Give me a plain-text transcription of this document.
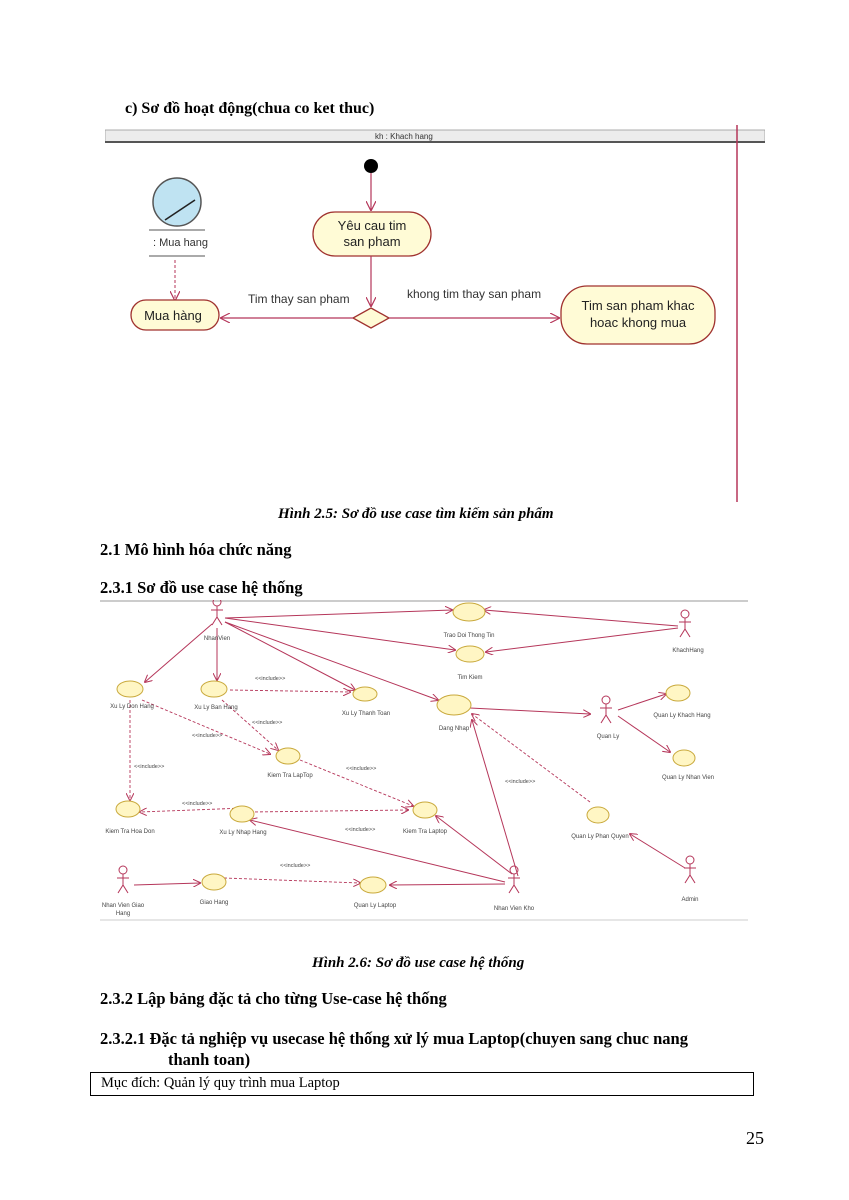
c) Sơ đồ hoạt động(chua co ket thuc)
kh : Khach hang
: Mua hang
Yêu cau tim
san pham
Tim thay san pham	khong tim thay san pham
Mua hàng
Tim san pham khac
hoac khong mua
Hình 2.5: Sơ đồ use case tìm kiếm sản phẩm
2.1 Mô hình hóa chức năng
2.3.1 Sơ đồ use case hệ thống
<<include>>
<<include>>
<<include>>
<<include>>	<<include>>
<<include>>
<<include>>
<<include>>
<<include>>
NhanVien
KhachHang
Quan Ly
Admin
Nhan Vien Kho
Nhan Vien Giao
Hang
Trao Doi Thong Tin
Tim Kiem
Xu Ly Don Hang	Xu Ly Ban Hang
Xu Ly Thanh Toan
Dang Nhap
Quan Ly Khach Hang
Quan Ly Nhan Vien
Kiem Tra LapTop
Kiem Tra Hoa Don	Xu Ly Nhap Hang	Kiem Tra Laptop
Quan Ly Phan Quyen
Giao Hang	Quan Ly Laptop
Hình 2.6: Sơ đồ use case hệ thống
2.3.2 Lập bảng đặc tả cho từng Use-case hệ thống
2.3.2.1 Đặc tả nghiệp vụ usecase hệ thống xử lý mua Laptop(chuyen sang chuc nang
thanh toan)
Mục đích: Quản lý quy trình mua Laptop
25
